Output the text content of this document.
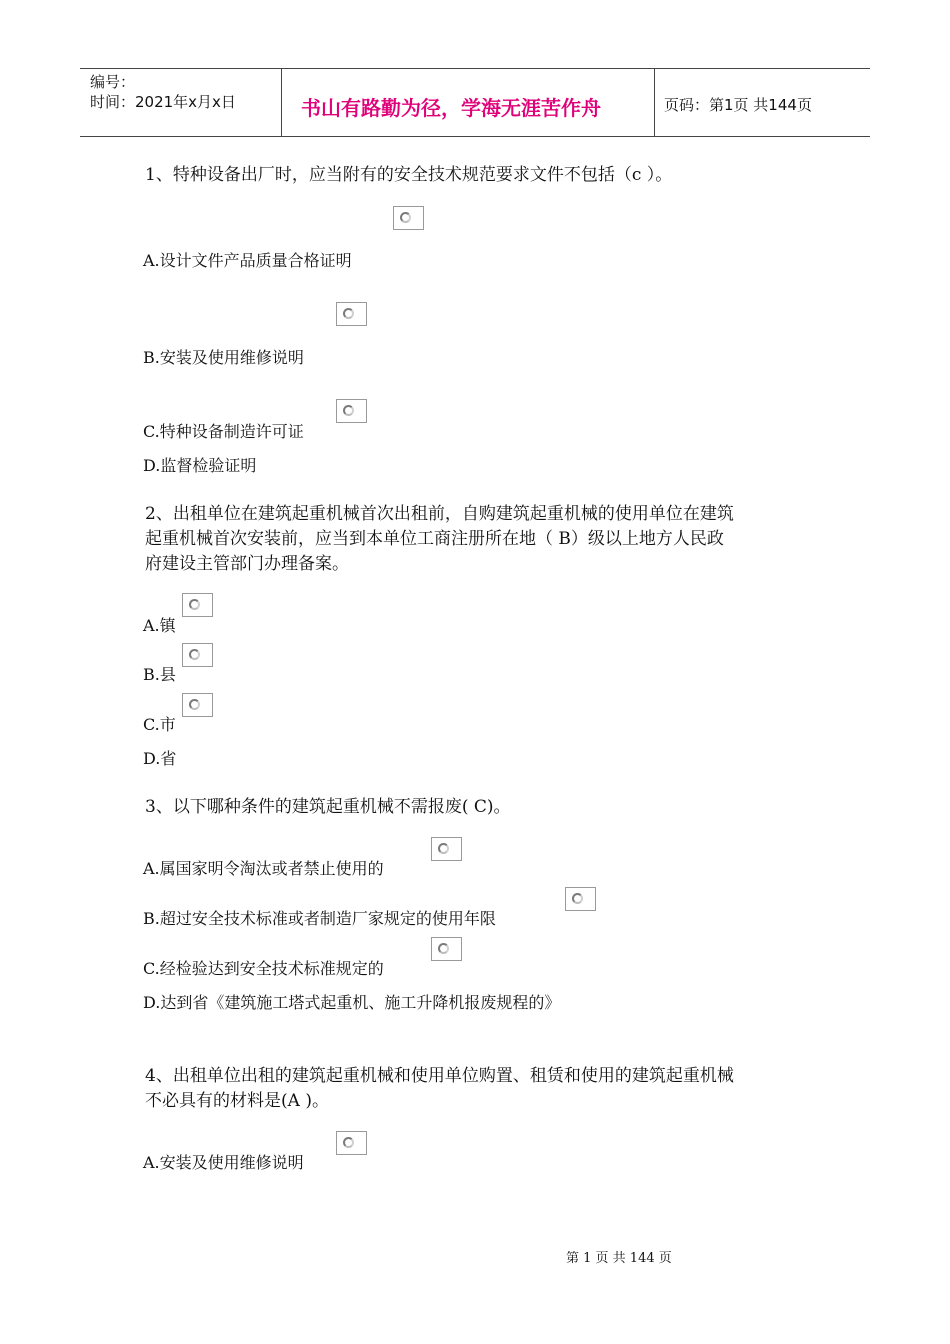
编号：
时间：2021年x月x日	书山有路勤为径，学海无涯苦作舟	页码：第1页 共144页
1、特种设备出厂时，应当附有的安全技术规范要求文件不包括（c ）。
A.设计文件产品质量合格证明
B.安装及使用维修说明
C.特种设备制造许可证
D.监督检验证明
2、出租单位在建筑起重机械首次出租前，自购建筑起重机械的使用单位在建筑
起重机械首次安装前，应当到本单位工商注册所在地（ B）级以上地方人民政
府建设主管部门办理备案。
A.镇
B.县
C.市
D.省
3、以下哪种条件的建筑起重机械不需报废( C)。
A.属国家明令淘汰或者禁止使用的
B.超过安全技术标准或者制造厂家规定的使用年限
C.经检验达到安全技术标准规定的
D.达到省《建筑施工塔式起重机、施工升降机报废规程的》
4、出租单位出租的建筑起重机械和使用单位购置、租赁和使用的建筑起重机械
不必具有的材料是(A )。
A.安装及使用维修说明
第 1 页 共 144 页
